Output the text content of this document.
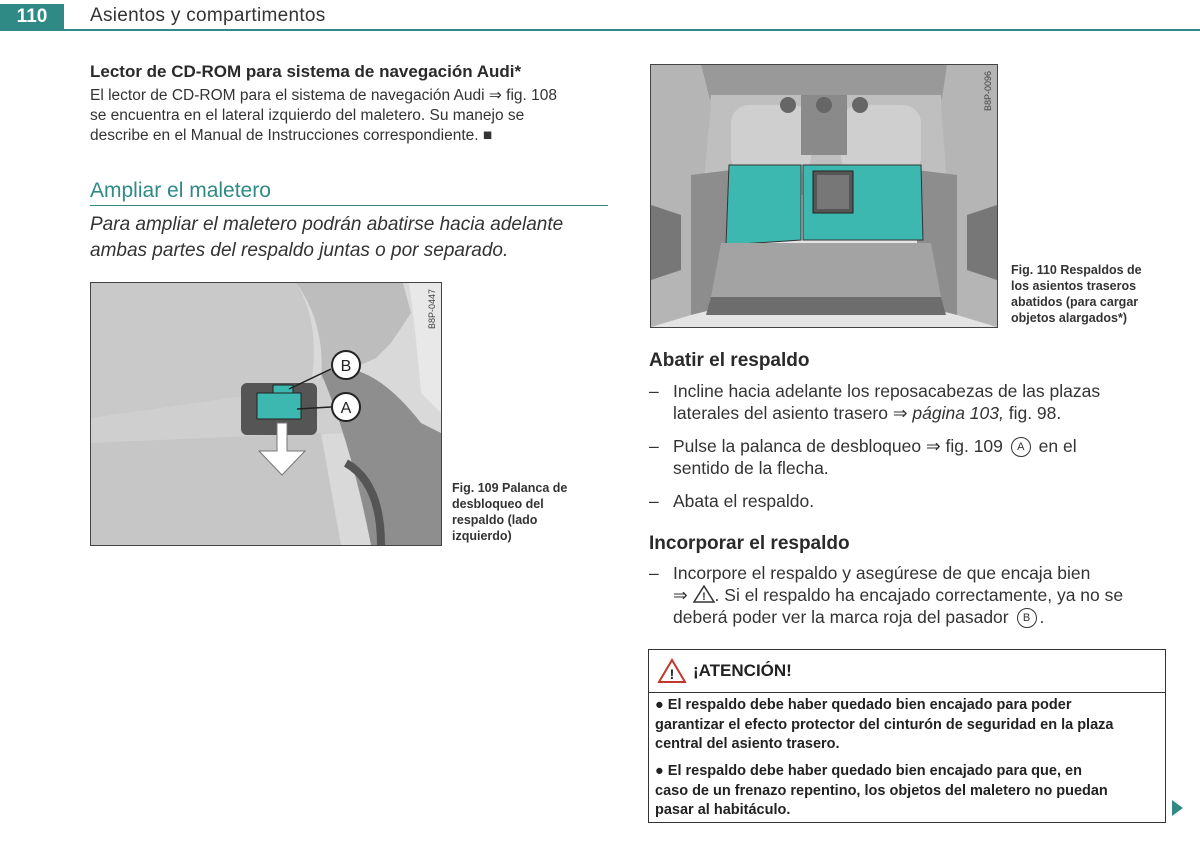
110	Asientos y compartimentos
Lector de CD-ROM para sistema de navegación Audi*
El lector de CD-ROM para el sistema de navegación Audi ⇒ fig. 108
se encuentra en el lateral izquierdo del maletero. Su manejo se
describe en el Manual de Instrucciones correspondiente. ■
Ampliar el maletero
Para ampliar el maletero podrán abatirse hacia adelante
ambas partes del respaldo juntas o por separado.
B
A
B8P-0447
Fig. 109 Palanca de
desbloqueo del
respaldo (lado
izquierdo)
B8P-0096
Fig. 110 Respaldos de
los asientos traseros
abatidos (para cargar
objetos alargados*)
Abatir el respaldo
– Incline hacia adelante los reposacabezas de las plazas
laterales del asiento trasero ⇒ página 103, fig. 98.
– Pulse la palanca de desbloqueo ⇒ fig. 109 A en el
sentido de la flecha.
– Abata el respaldo.
Incorporar el respaldo
– Incorpore el respaldo y asegúrese de que encaja bien
⇒ ! . Si el respaldo ha encajado correctamente, ya no se
deberá poder ver la marca roja del pasador B .
! ¡ATENCIÓN!
● El respaldo debe haber quedado bien encajado para poder
garantizar el efecto protector del cinturón de seguridad en la plaza
central del asiento trasero.
● El respaldo debe haber quedado bien encajado para que, en
caso de un frenazo repentino, los objetos del maletero no puedan
pasar al habitáculo.
